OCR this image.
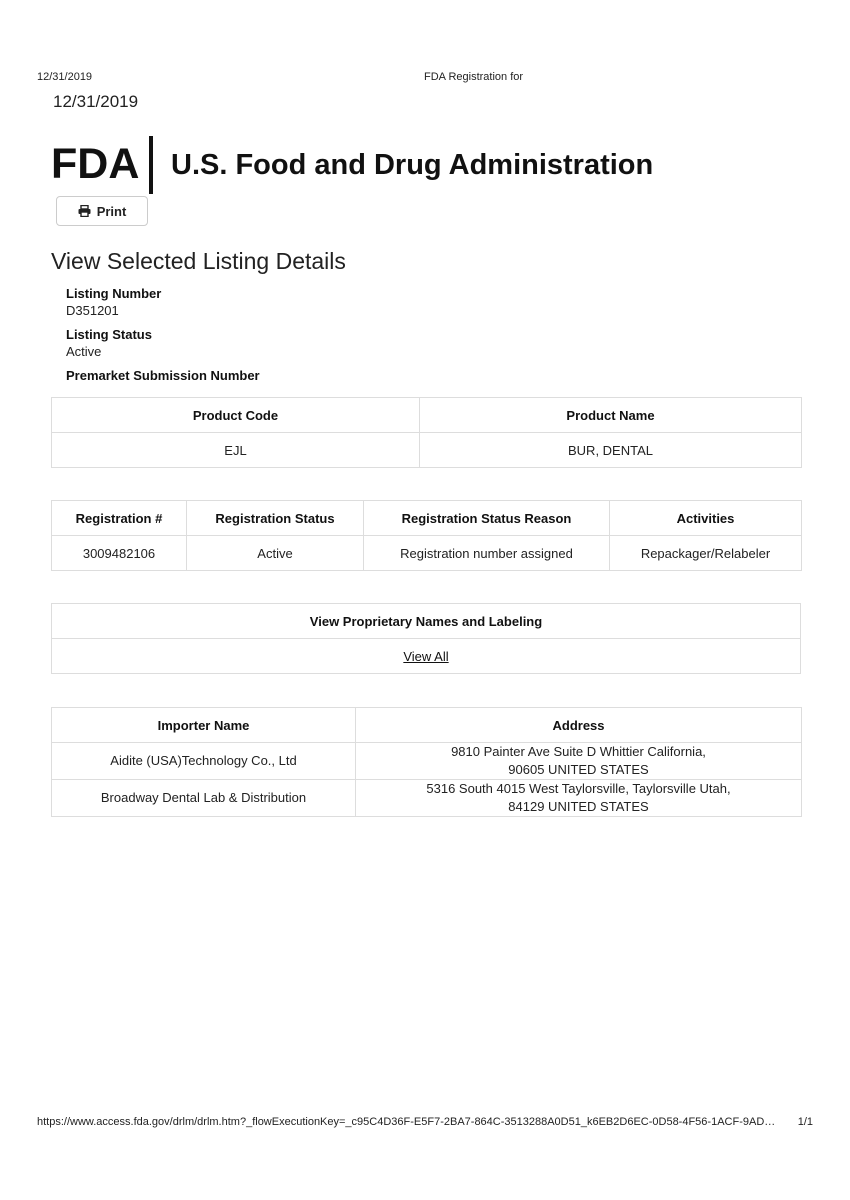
12/31/2019	FDA Registration for
12/31/2019
FDA U.S. Food and Drug Administration
Print
View Selected Listing Details
Listing Number
D351201
Listing Status
Active
Premarket Submission Number
Product Code	Product Name
EJL	BUR, DENTAL
Registration #	Registration Status	Registration Status Reason	Activities
3009482106	Active	Registration number assigned	Repackager/Relabeler
View Proprietary Names and Labeling
View All
Importer Name	Address
Aidite (USA)Technology Co., Ltd	9810 Painter Ave Suite D Whittier California,
90605 UNITED STATES

Broadway Dental Lab & Distribution	5316 South 4015 West Taylorsville, Taylorsville Utah,
84129 UNITED STATES
https://www.access.fda.gov/drlm/drlm.htm?_flowExecutionKey=_c95C4D36F-E5F7-2BA7-864C-3513288A0D51_k6EB2D6EC-0D58-4F56-1ACF-9AD…	1/1
